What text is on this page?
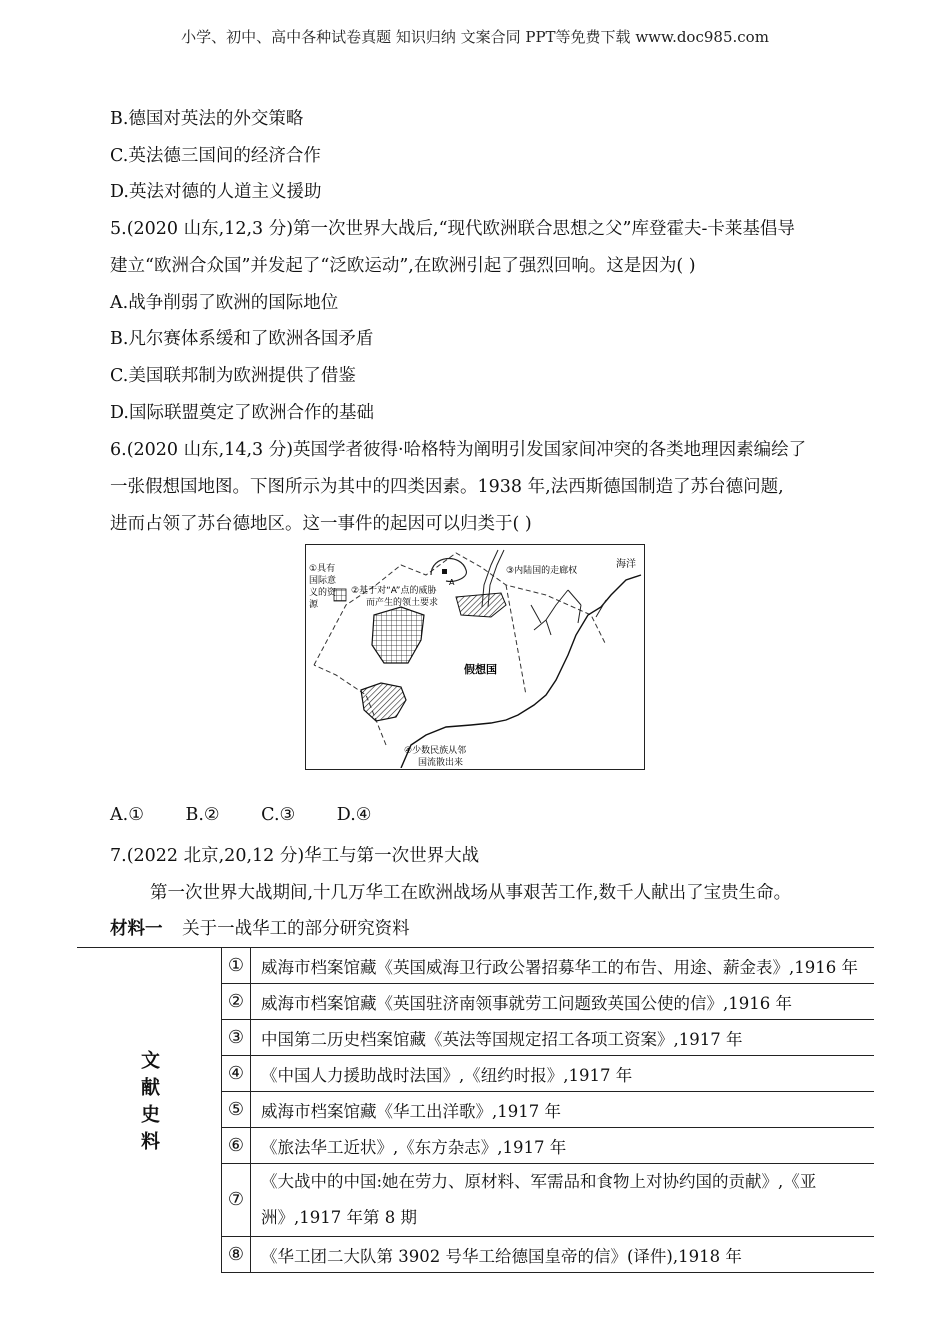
小学、初中、高中各种试卷真题 知识归纳 文案合同 PPT等免费下载 www.doc985.com
B.德国对英法的外交策略
C.英法德三国间的经济合作
D.英法对德的人道主义援助
5.(2020 山东,12,3 分)第一次世界大战后,“现代欧洲联合思想之父”库登霍夫-卡莱基倡导
建立“欧洲合众国”并发起了“泛欧运动”,在欧洲引起了强烈回响。这是因为( )
A.战争削弱了欧洲的国际地位
B.凡尔赛体系缓和了欧洲各国矛盾
C.美国联邦制为欧洲提供了借鉴
D.国际联盟奠定了欧洲合作的基础
6.(2020 山东,14,3 分)英国学者彼得·哈格特为阐明引发国家间冲突的各类地理因素编绘了
一张假想国地图。下图所示为其中的四类因素。1938 年,法西斯德国制造了苏台德问题,
进而占领了苏台德地区。这一事件的起因可以归类于( )
①具有
国际意
义的资
源
②基于对“A”点的威胁
而产生的领土要求
③内陆国的走廊权
海洋
假想国
A
④少数民族从邻
国流散出来
A.① B.② C.③ D.④
7.(2022 北京,20,12 分)华工与第一次世界大战
第一次世界大战期间,十几万华工在欧洲战场从事艰苦工作,数千人献出了宝贵生命。
材料一 关于一战华工的部分研究资料
文献史料	①	威海市档案馆藏《英国威海卫行政公署招募华工的布告、用途、薪金表》,1916 年
	②	威海市档案馆藏《英国驻济南领事就劳工问题致英国公使的信》,1916 年
	③	中国第二历史档案馆藏《英法等国规定招工各项工资案》,1917 年
	④	《中国人力援助战时法国》,《纽约时报》,1917 年
	⑤	威海市档案馆藏《华工出洋歌》,1917 年
	⑥	《旅法华工近状》,《东方杂志》,1917 年
	⑦	《大战中的中国:她在劳力、原材料、军需品和食物上对协约国的贡献》,《亚
洲》,1917 年第 8 期

	⑧	《华工团二大队第 3902 号华工给德国皇帝的信》(译件),1918 年
